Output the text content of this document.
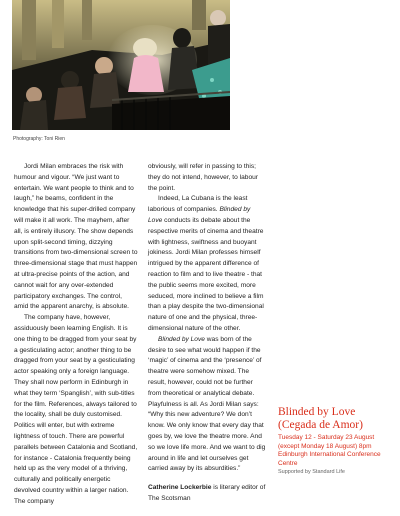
Photography: Toni Rien

Jordi Milan embraces the risk with humour and vigour. “We just want to entertain. We want people to think and to laugh,” he beams, confident in the knowledge that his super-drilled company will make it all work. The mayhem, after all, is entirely illusory. The show depends upon split-second timing, dizzying transitions from two-dimensional screen to three-dimensional stage that must happen at ultra-precise points of the action, and cannot wait for any over-extended participatory exchanges. The control, amid the apparent anarchy, is absolute.

The company have, however, assiduously been learning English. It is one thing to be dragged from your seat by a gesticulating actor; another thing to be dragged from your seat by a gesticulating actor speaking only a foreign language. They shall now perform in Edinburgh in what they term ‘Spanglish’, with sub-titles for the film. References, always tailored to the locality, shall be duly customised. Politics will enter, but with extreme lightness of touch. There are powerful parallels between Catalonia and Scotland, for instance - Catalonia frequently being held up as the very model of a thriving, culturally and politically energetic devolved country within a larger nation. The company

obviously, will refer in passing to this; they do not intend, however, to labour the point.

Indeed, La Cubana is the least laborious of companies. Blinded by Love conducts its debate about the respective merits of cinema and theatre with lightness, swiftness and buoyant jokiness. Jordi Milan professes himself intrigued by the apparent difference of reaction to film and to live theatre - that the public seems more excited, more seduced, more inclined to believe a film than a play despite the two-dimensional nature of one and the physical, three-dimensional nature of the other.

Blinded by Love was born of the desire to see what would happen if the ‘magic’ of cinema and the ‘presence’ of theatre were somehow mixed. The result, however, could not be further from theoretical or analytical debate. Playfulness is all. As Jordi Milan says: “Why this new adventure? We don’t know. We only know that every day that goes by, we love the theatre more. And so we love life more. And we want to dig around in life and let ourselves get carried away by its absurdities.”

Catherine Lockerbie is literary editor of The Scotsman

Blinded by Love
(Cegada de Amor)
Tuesday 12 - Saturday 23 August
(except Monday 18 August) 8pm
Edinburgh International Conference Centre
Supported by Standard Life
